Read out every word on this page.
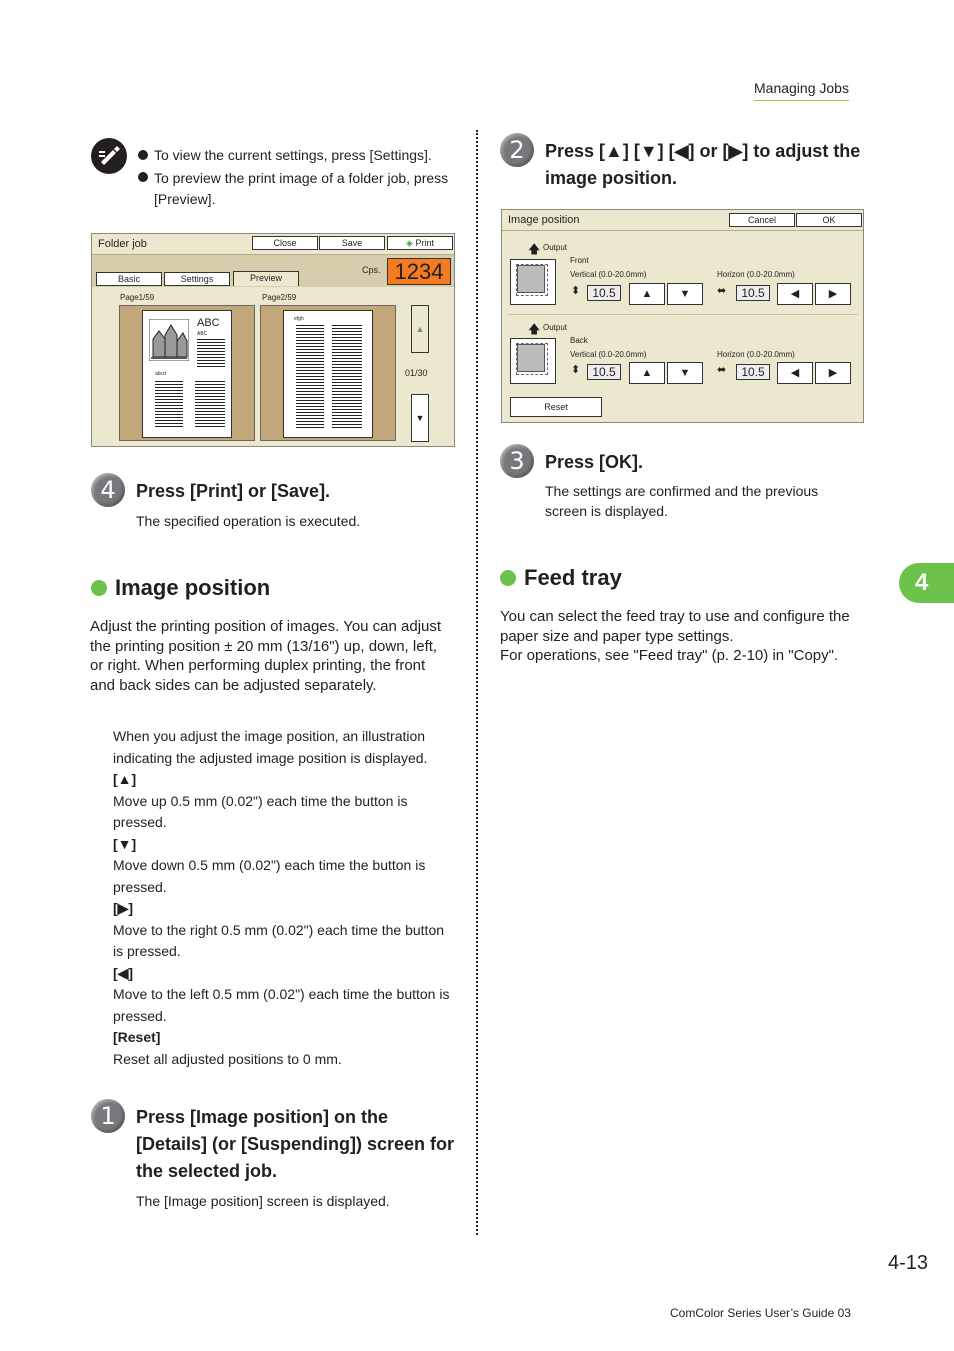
Managing Jobs
4
4-13
ComColor Series User’s Guide 03
To view the current settings, press [Settings].
To preview the print image of a folder job, press [Preview].
Folder job	Close	Save	◈ Print
Basic	Settings	Preview
Cps. 1234
Page1/59	Page2/59
ABC
ABC
abcd
efgh
▲
01/30
▼
4	Press [Print] or [Save].
The specified operation is executed.
Image position
Adjust the printing position of images. You can adjust the printing position ± 20 mm (13/16") up, down, left, or right. When performing duplex printing, the front and back sides can be adjusted separately.
When you adjust the image position, an illustration indicating the adjusted image position is displayed.
[▲]
Move up 0.5 mm (0.02") each time the button is pressed.
[▼]
Move down 0.5 mm (0.02") each time the button is pressed.
[▶]
Move to the right 0.5 mm (0.02") each time the button is pressed.
[◀]
Move to the left 0.5 mm (0.02") each time the button is pressed.
[Reset]
Reset all adjusted positions to 0 mm.
1	Press [Image position] on the [Details] (or [Suspending]) screen for the selected job.
The [Image position] screen is displayed.
2	Press [▲] [▼] [◀] or [▶] to adjust the image position.
Image position	Cancel	OK
🡅 Output
Front
Vertical (0.0-20.0mm)	Horizon (0.0-20.0mm)
⬍	10.5	▲	▼	⬌	10.5	◀	▶
🡅 Output
Back
Vertical (0.0-20.0mm)	Horizon (0.0-20.0mm)
⬍	10.5	▲	▼	⬌	10.5	◀	▶
Reset
3	Press [OK].
The settings are confirmed and the previous screen is displayed.
Feed tray
You can select the feed tray to use and configure the paper size and paper type settings.
For operations, see "Feed tray" (p. 2-10) in "Copy".
